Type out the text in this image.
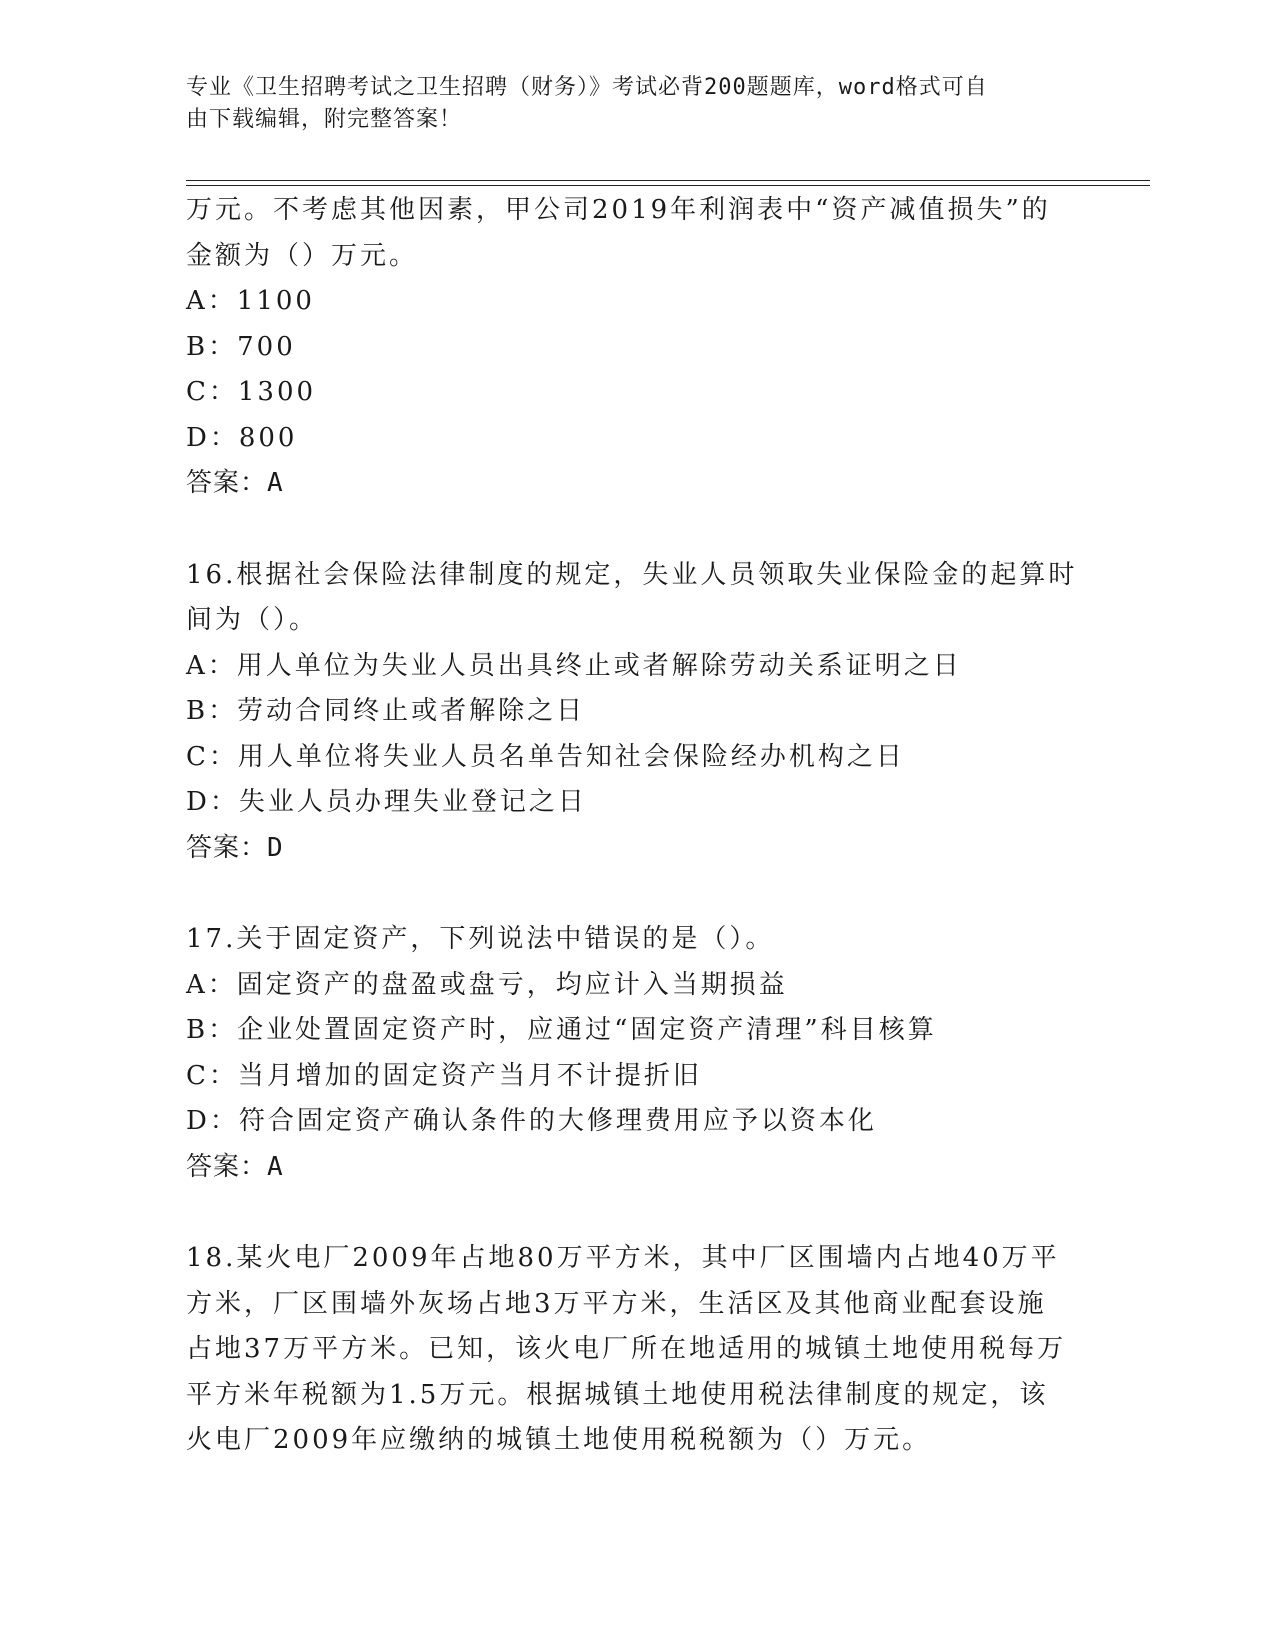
专业《卫生招聘考试之卫生招聘（财务）》考试必背200题题库，word格式可自
由下载编辑，附完整答案！
万元。不考虑其他因素，甲公司2019年利润表中“资产减值损失”的
金额为（）万元。
A：1100
B：700
C：1300
D：800
答案：A
16.根据社会保险法律制度的规定，失业人员领取失业保险金的起算时
间为（）。
A：用人单位为失业人员出具终止或者解除劳动关系证明之日
B：劳动合同终止或者解除之日
C：用人单位将失业人员名单告知社会保险经办机构之日
D：失业人员办理失业登记之日
答案：D
17.关于固定资产，下列说法中错误的是（）。
A：固定资产的盘盈或盘亏，均应计入当期损益
B：企业处置固定资产时，应通过“固定资产清理”科目核算
C：当月增加的固定资产当月不计提折旧
D：符合固定资产确认条件的大修理费用应予以资本化
答案：A
18.某火电厂2009年占地80万平方米，其中厂区围墙内占地40万平
方米，厂区围墙外灰场占地3万平方米，生活区及其他商业配套设施
占地37万平方米。已知，该火电厂所在地适用的城镇土地使用税每万
平方米年税额为1.5万元。根据城镇土地使用税法律制度的规定，该
火电厂2009年应缴纳的城镇土地使用税税额为（）万元。
